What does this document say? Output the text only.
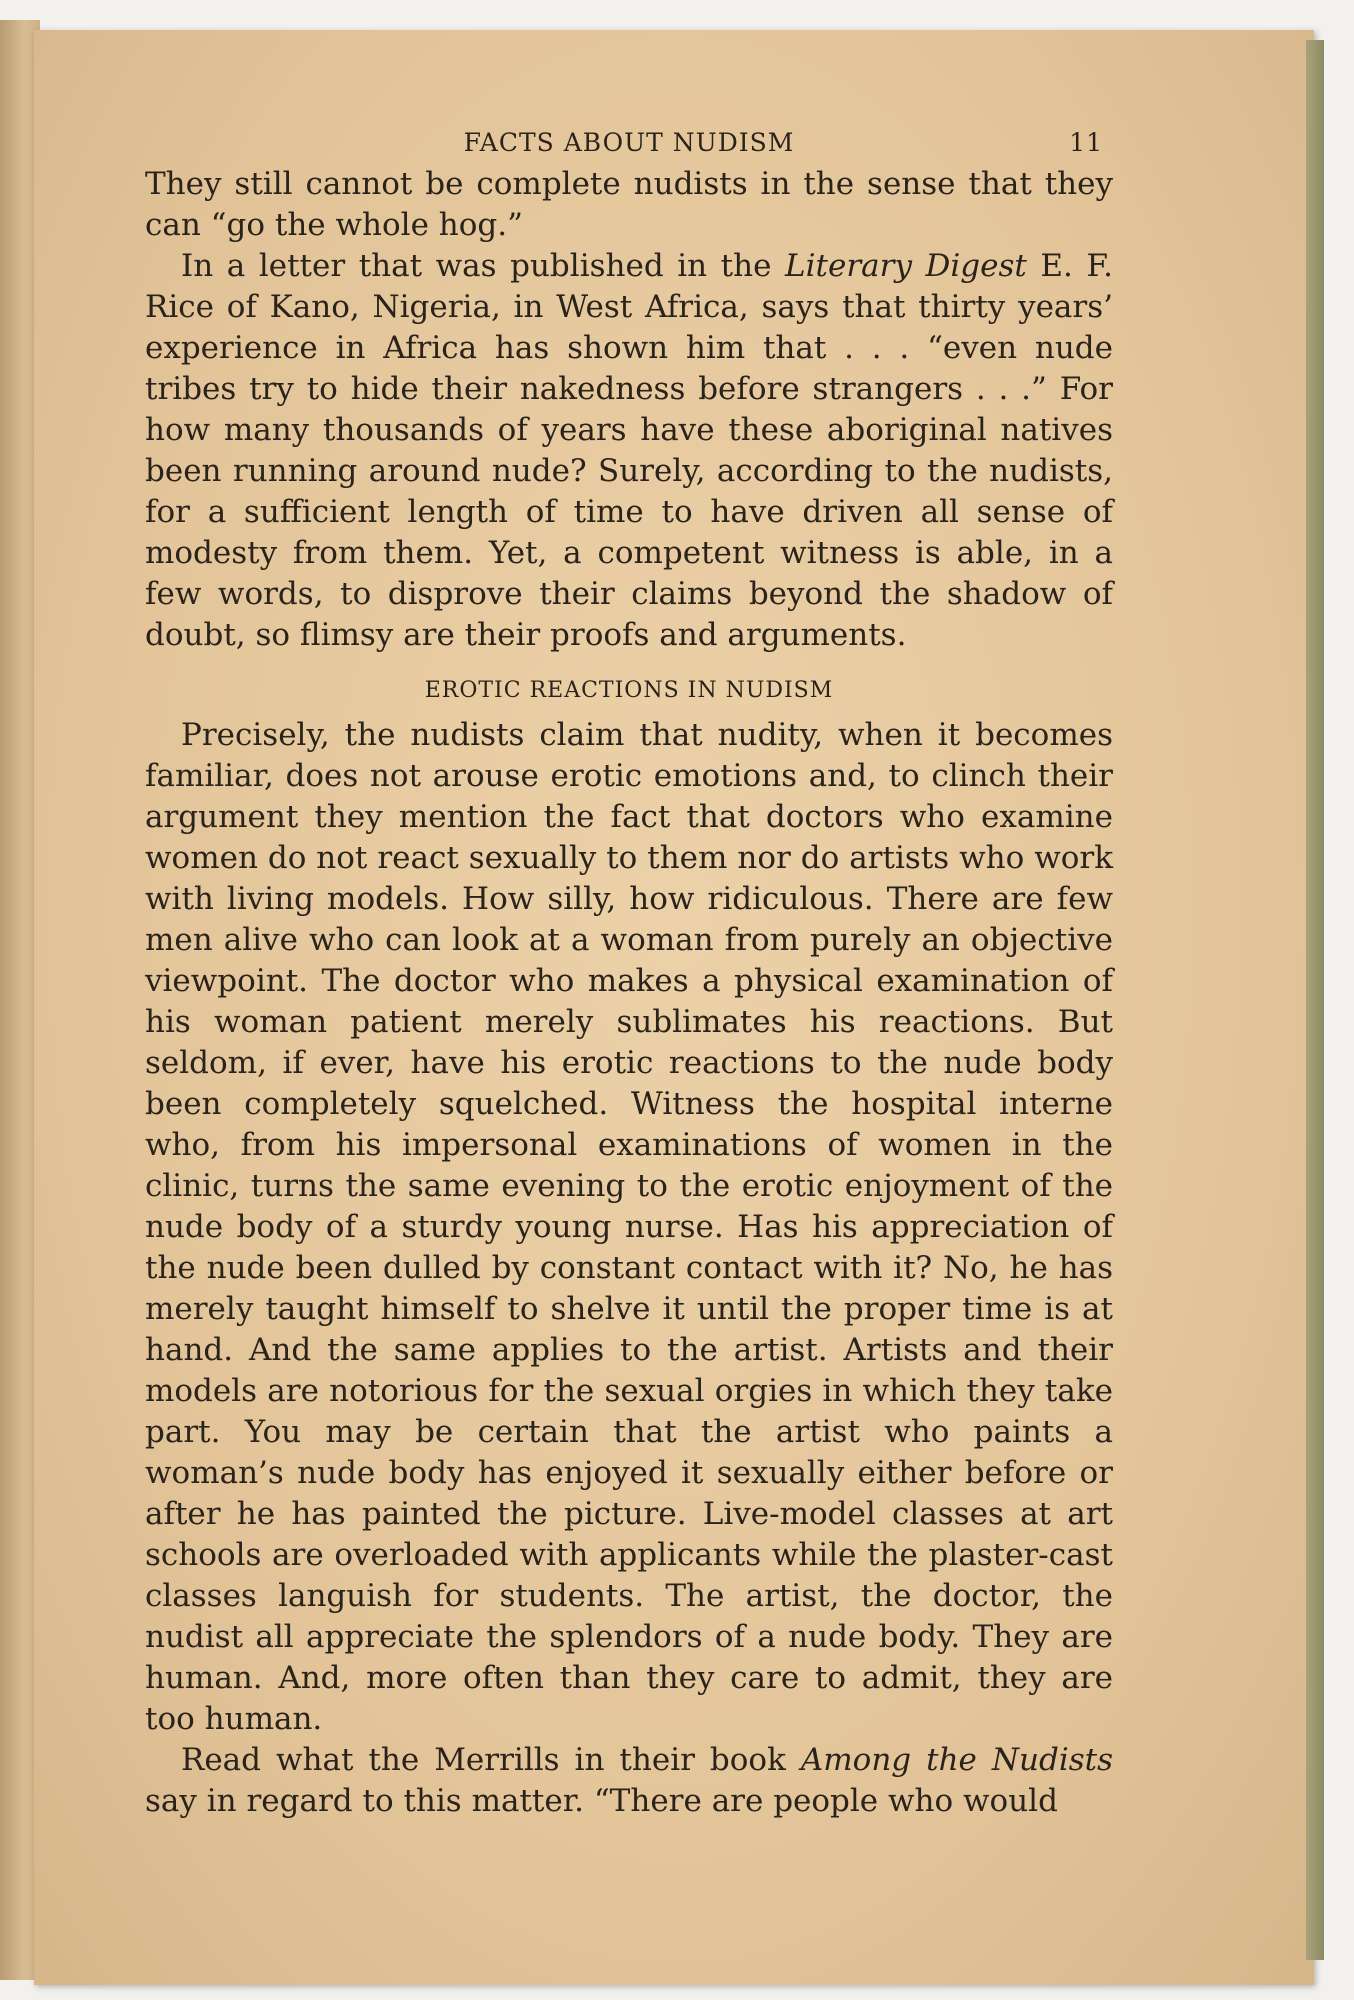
FACTS ABOUT NUDISM	11

They still cannot be complete nudists in the sense that they can “go the whole hog.”

In a letter that was published in the Literary Digest E. F. Rice of Kano, Nigeria, in West Africa, says that thirty years’ experience in Africa has shown him that . . . “even nude tribes try to hide their nakedness before strangers . . .” For how many thousands of years have these aboriginal natives been running around nude? Surely, according to the nudists, for a sufficient length of time to have driven all sense of modesty from them. Yet, a competent witness is able, in a few words, to disprove their claims beyond the shadow of doubt, so flimsy are their proofs and arguments.

EROTIC REACTIONS IN NUDISM

Precisely, the nudists claim that nudity, when it becomes familiar, does not arouse erotic emotions and, to clinch their argument they mention the fact that doctors who examine women do not react sexually to them nor do artists who work with living models. How silly, how ridiculous. There are few men alive who can look at a woman from purely an objective viewpoint. The doctor who makes a physical examination of his woman patient merely sublimates his reactions. But seldom, if ever, have his erotic reactions to the nude body been completely squelched. Witness the hospital interne who, from his impersonal examinations of women in the clinic, turns the same evening to the erotic enjoyment of the nude body of a sturdy young nurse. Has his appreciation of the nude been dulled by constant contact with it? No, he has merely taught himself to shelve it until the proper time is at hand. And the same applies to the artist. Artists and their models are notorious for the sexual orgies in which they take part. You may be certain that the artist who paints a woman’s nude body has enjoyed it sexually either before or after he has painted the picture. Live-model classes at art schools are overloaded with applicants while the plaster-cast classes languish for students. The artist, the doctor, the nudist all appreciate the splendors of a nude body. They are human. And, more often than they care to admit, they are too human.

Read what the Merrills in their book Among the Nudists say in regard to this matter. “There are people who would
